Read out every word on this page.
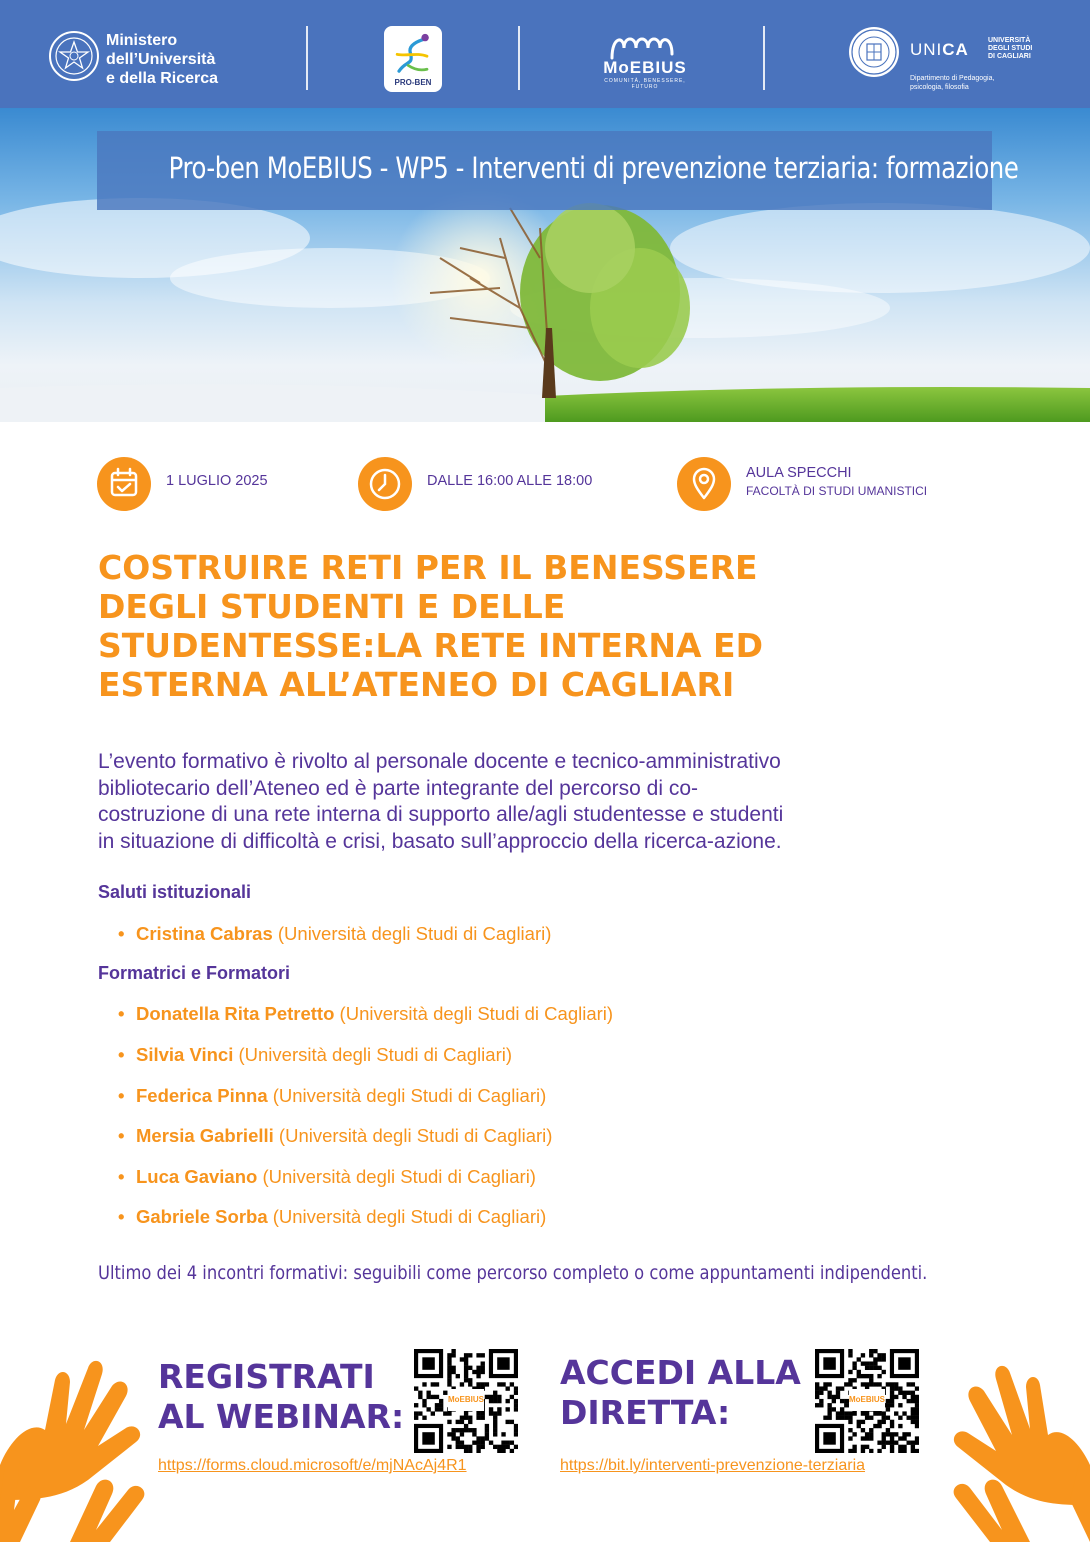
Ministero
dell’Università
e della Ricerca	PRO-BEN
MoEBIUS
COMUNITÀ, BENESSERE, FUTURO
UNICA	UNIVERSITÀ
DEGLI STUDI
DI CAGLIARI
Dipartimento di Pedagogia,
psicologia, filosofia
Pro-ben MoEBIUS - WP5 - Interventi di prevenzione terziaria: formazione
1 LUGLIO 2025	DALLE 16:00 ALLE 18:00	AULA SPECCHI
FACOLTÀ DI STUDI UMANISTICI
COSTRUIRE RETI PER IL BENESSERE
DEGLI STUDENTI E DELLE
STUDENTESSE:LA RETE INTERNA ED
ESTERNA ALL’ATENEO DI CAGLIARI
L’evento formativo è rivolto al personale docente e tecnico-amministrativo
bibliotecario dell’Ateneo ed è parte integrante del percorso di co-
costruzione di una rete interna di supporto alle/agli studentesse e studenti
in situazione di difficoltà e crisi, basato sull’approccio della ricerca-azione.
Saluti istituzionali
• Cristina Cabras (Università degli Studi di Cagliari)
Formatrici e Formatori
• Donatella Rita Petretto (Università degli Studi di Cagliari)
• Silvia Vinci (Università degli Studi di Cagliari)
• Federica Pinna (Università degli Studi di Cagliari)
• Mersia Gabrielli (Università degli Studi di Cagliari)
• Luca Gaviano (Università degli Studi di Cagliari)
• Gabriele Sorba (Università degli Studi di Cagliari)
Ultimo dei 4 incontri formativi: seguibili come percorso completo o come appuntamenti indipendenti.
REGISTRATI
AL WEBINAR:	MoEBIUS
https://forms.cloud.microsoft/e/mjNAcAj4R1
ACCEDI ALLA
DIRETTA:	MoEBIUS
https://bit.ly/interventi-prevenzione-terziaria
